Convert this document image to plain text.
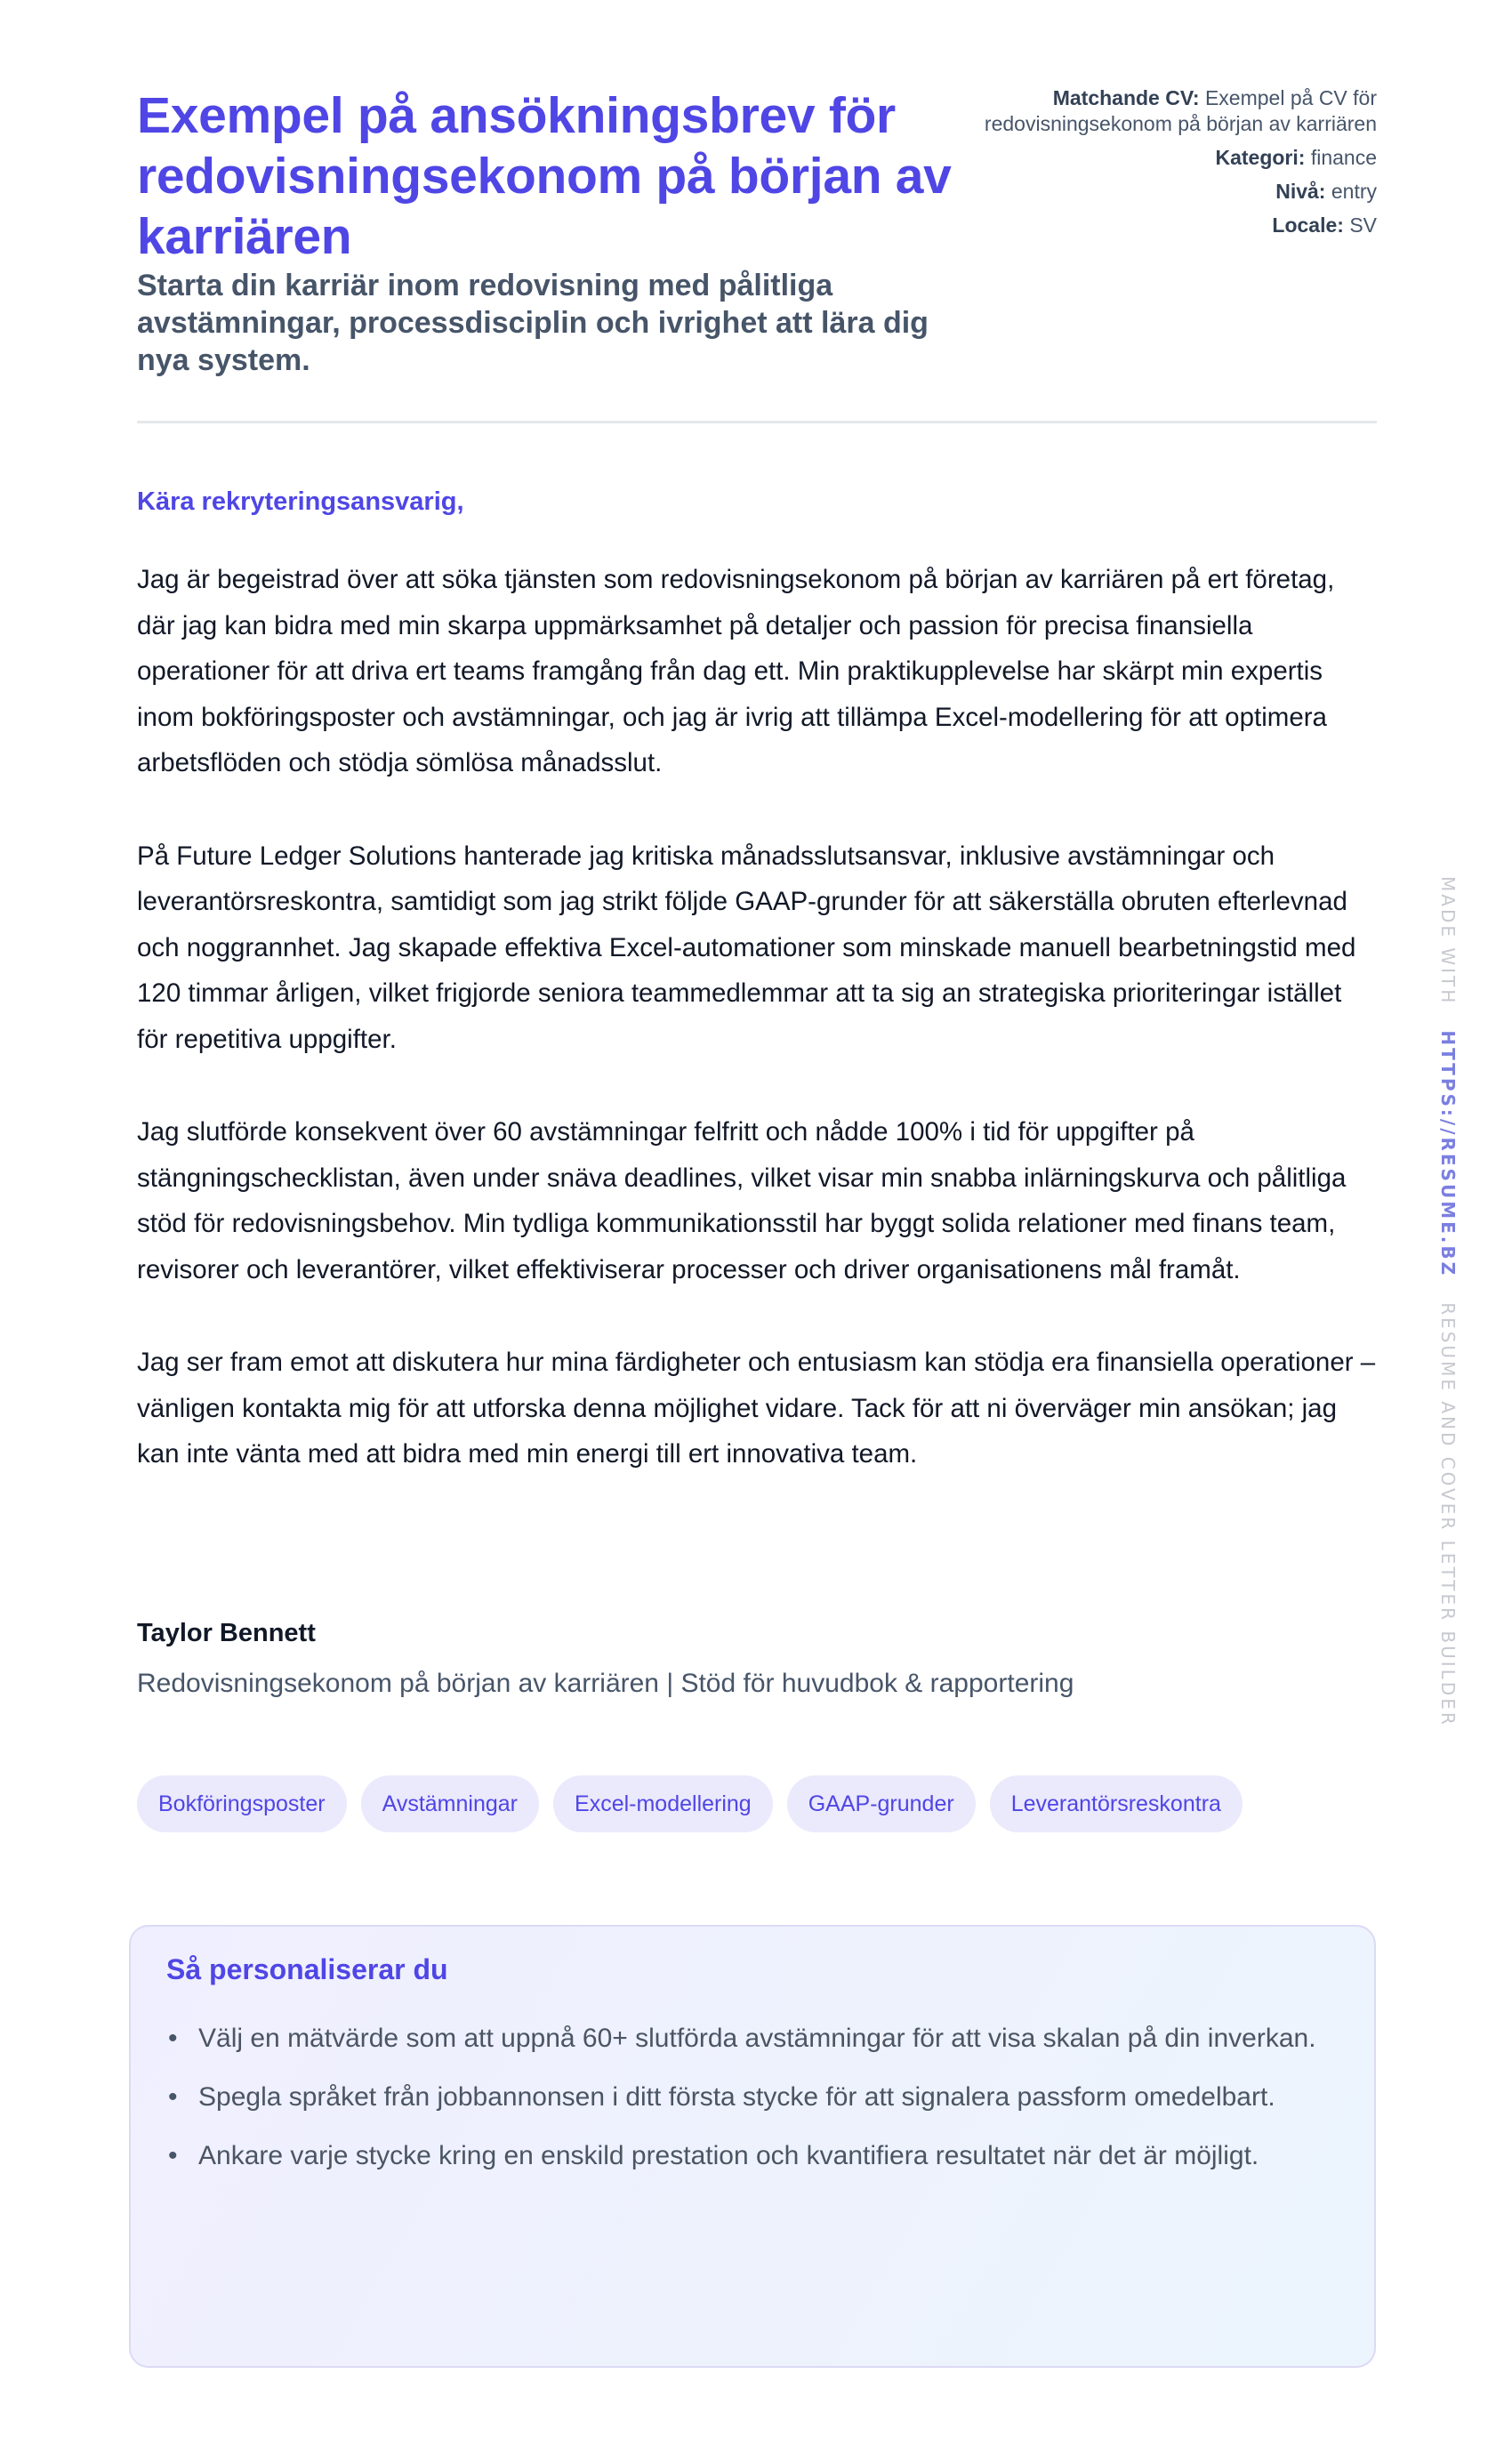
Exempel på ansökningsbrev för redovisningsekonom på början av karriären

Starta din karriär inom redovisning med pålitliga avstämningar, processdisciplin och ivrighet att lära dig nya system.

Matchande CV: Exempel på CV för redovisningsekonom på början av karriären
Kategori: finance
Nivå: entry
Locale: SV

Kära rekryteringsansvarig,

Jag är begeistrad över att söka tjänsten som redovisningsekonom på början av karriären på ert företag, där jag kan bidra med min skarpa uppmärksamhet på detaljer och passion för precisa finansiella operationer för att driva ert teams framgång från dag ett. Min praktikupplevelse har skärpt min expertis inom bokföringsposter och avstämningar, och jag är ivrig att tillämpa Excel-modellering för att optimera arbetsflöden och stödja sömlösa månadsslut.

På Future Ledger Solutions hanterade jag kritiska månadsslutsansvar, inklusive avstämningar och leverantörsreskontra, samtidigt som jag strikt följde GAAP-grunder för att säkerställa obruten efterlevnad och noggrannhet. Jag skapade effektiva Excel-automationer som minskade manuell bearbetningstid med 120 timmar årligen, vilket frigjorde seniora teammedlemmar att ta sig an strategiska prioriteringar istället för repetitiva uppgifter.

Jag slutförde konsekvent över 60 avstämningar felfritt och nådde 100% i tid för uppgifter på stängningschecklistan, även under snäva deadlines, vilket visar min snabba inlärningskurva och pålitliga stöd för redovisningsbehov. Min tydliga kommunikationsstil har byggt solida relationer med finans team, revisorer och leverantörer, vilket effektiviserar processer och driver organisationens mål framåt.

Jag ser fram emot att diskutera hur mina färdigheter och entusiasm kan stödja era finansiella operationer – vänligen kontakta mig för att utforska denna möjlighet vidare. Tack för att ni överväger min ansökan; jag kan inte vänta med att bidra med min energi till ert innovativa team.

Taylor Bennett

Redovisningsekonom på början av karriären | Stöd för huvudbok & rapportering

Bokföringsposter	Avstämningar	Excel-modellering	GAAP-grunder	Leverantörsreskontra
Så personaliserar du
• Välj en mätvärde som att uppnå 60+ slutförda avstämningar för att visa skalan på din inverkan.
• Spegla språket från jobbannonsen i ditt första stycke för att signalera passform omedelbart.
• Ankare varje stycke kring en enskild prestation och kvantifiera resultatet när det är möjligt.
MADE WITH   HTTPS://RESUME.BZ   RESUME AND COVER LETTER BUILDER
